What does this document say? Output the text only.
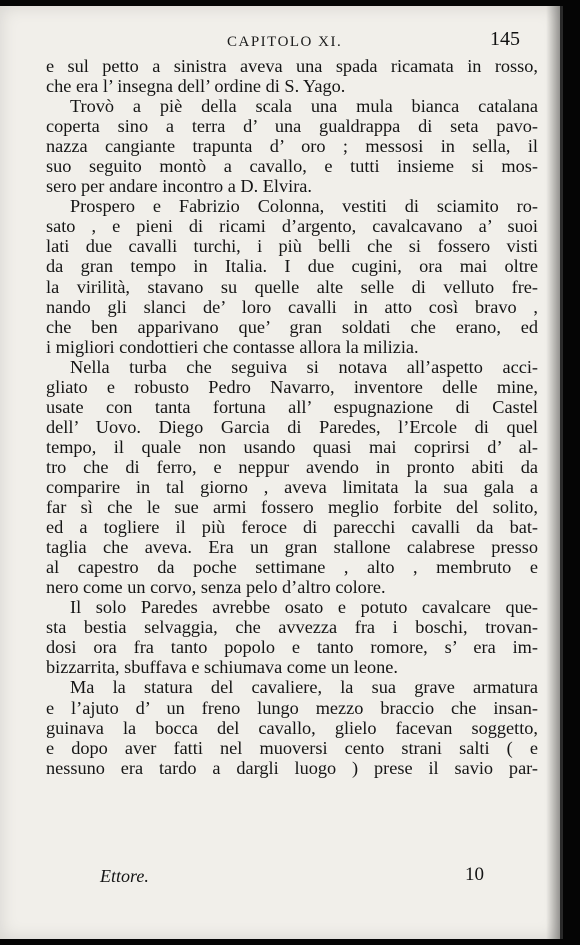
CAPITOLO XI.	145
e sul petto a sinistra aveva una spada ricamata in rosso,
che era l’ insegna dell’ ordine di S. Yago.
Trovò a piè della scala una mula bianca catalana
coperta sino a terra d’ una gualdrappa di seta pavo-
nazza cangiante trapunta d’ oro ; messosi in sella, il
suo seguito montò a cavallo, e tutti insieme si mos-
sero per andare incontro a D. Elvira.
Prospero e Fabrizio Colonna, vestiti di sciamito ro-
sato , e pieni di ricami d’argento, cavalcavano a’ suoi
lati due cavalli turchi, i più belli che si fossero visti
da gran tempo in Italia. I due cugini, ora mai oltre
la virilità, stavano su quelle alte selle di velluto fre-
nando gli slanci de’ loro cavalli in atto così bravo ,
che ben apparivano que’ gran soldati che erano, ed
i migliori condottieri che contasse allora la milizia.
Nella turba che seguiva si notava all’aspetto acci-
gliato e robusto Pedro Navarro, inventore delle mine,
usate con tanta fortuna all’ espugnazione di Castel
dell’ Uovo. Diego Garcia di Paredes, l’Ercole di quel
tempo, il quale non usando quasi mai coprirsi d’ al-
tro che di ferro, e neppur avendo in pronto abiti da
comparire in tal giorno , aveva limitata la sua gala a
far sì che le sue armi fossero meglio forbite del solito,
ed a togliere il più feroce di parecchi cavalli da bat-
taglia che aveva. Era un gran stallone calabrese presso
al capestro da poche settimane , alto , membruto e
nero come un corvo, senza pelo d’altro colore.
Il solo Paredes avrebbe osato e potuto cavalcare que-
sta bestia selvaggia, che avvezza fra i boschi, trovan-
dosi ora fra tanto popolo e tanto romore, s’ era im-
bizzarrita, sbuffava e schiumava come un leone.
Ma la statura del cavaliere, la sua grave armatura
e l’ajuto d’ un freno lungo mezzo braccio che insan-
guinava la bocca del cavallo, glielo facevan soggetto,
e dopo aver fatti nel muoversi cento strani salti ( e
nessuno era tardo a dargli luogo ) prese il savio par-
Ettore.	10
